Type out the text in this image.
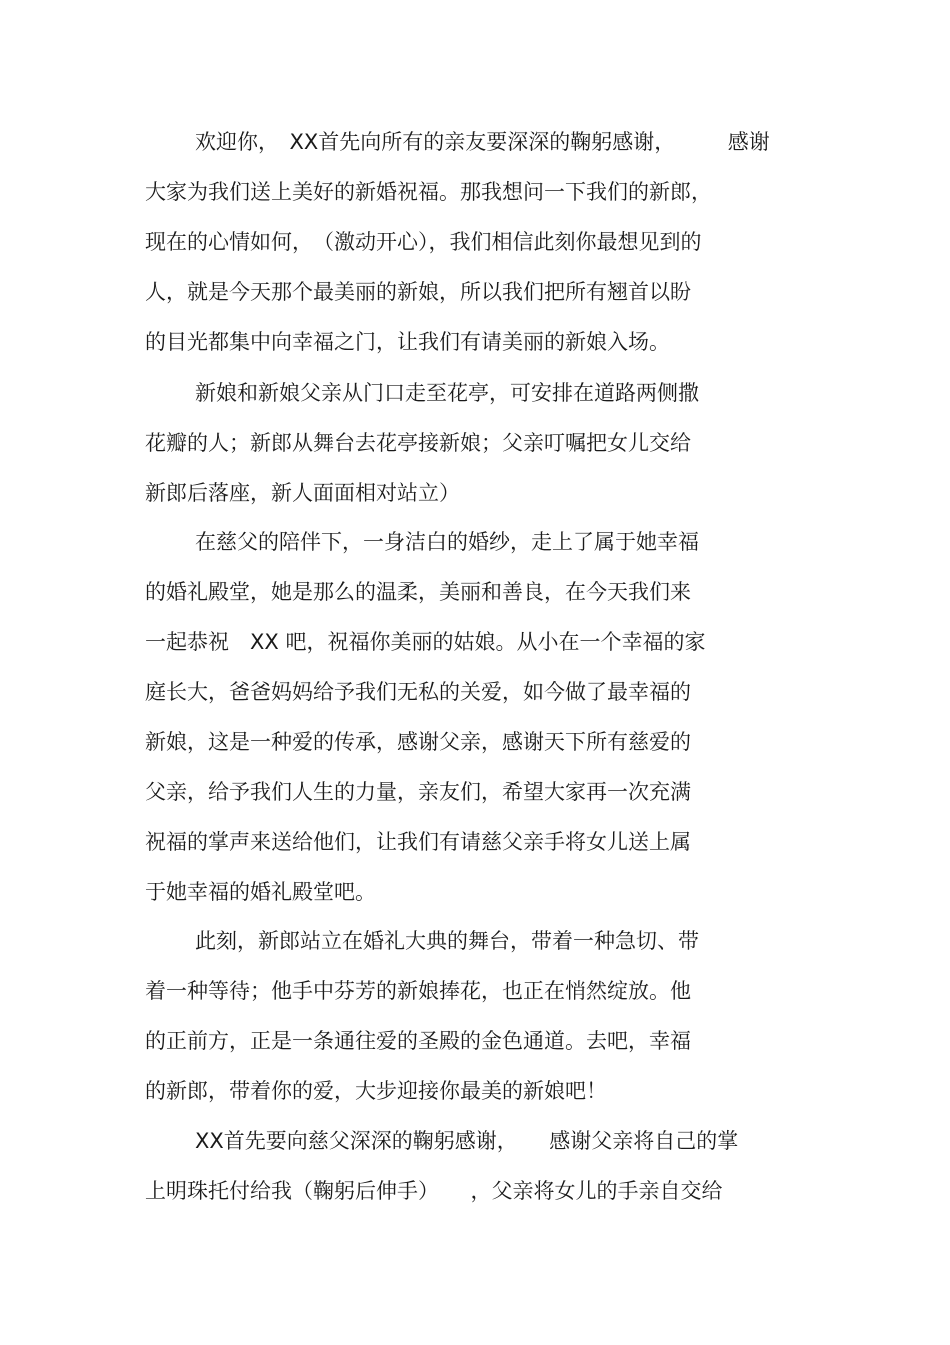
欢迎你，　XX首先向所有的亲友要深深的鞠躬感谢，　　　感谢
大家为我们送上美好的新婚祝福。那我想问一下我们的新郎，
现在的心情如何，　（激动开心），我们相信此刻你最想见到的
人，就是今天那个最美丽的新娘，所以我们把所有翘首以盼
的目光都集中向幸福之门，让我们有请美丽的新娘入场。
新娘和新娘父亲从门口走至花亭，可安排在道路两侧撒
花瓣的人；新郎从舞台去花亭接新娘；父亲叮嘱把女儿交给
新郎后落座，新人面面相对站立）
在慈父的陪伴下，一身洁白的婚纱，走上了属于她幸福
的婚礼殿堂，她是那么的温柔，美丽和善良，在今天我们来
一起恭祝　XX 吧，祝福你美丽的姑娘。从小在一个幸福的家
庭长大，爸爸妈妈给予我们无私的关爱，如今做了最幸福的
新娘，这是一种爱的传承，感谢父亲，感谢天下所有慈爱的
父亲，给予我们人生的力量，亲友们，希望大家再一次充满
祝福的掌声来送给他们，让我们有请慈父亲手将女儿送上属
于她幸福的婚礼殿堂吧。
此刻，新郎站立在婚礼大典的舞台，带着一种急切、带
着一种等待；他手中芬芳的新娘捧花，也正在悄然绽放。他
的正前方，正是一条通往爱的圣殿的金色通道。去吧，幸福
的新郎，带着你的爱，大步迎接你最美的新娘吧！
XX首先要向慈父深深的鞠躬感谢，　　感谢父亲将自己的掌
上明珠托付给我（鞠躬后伸手）　　，父亲将女儿的手亲自交给
